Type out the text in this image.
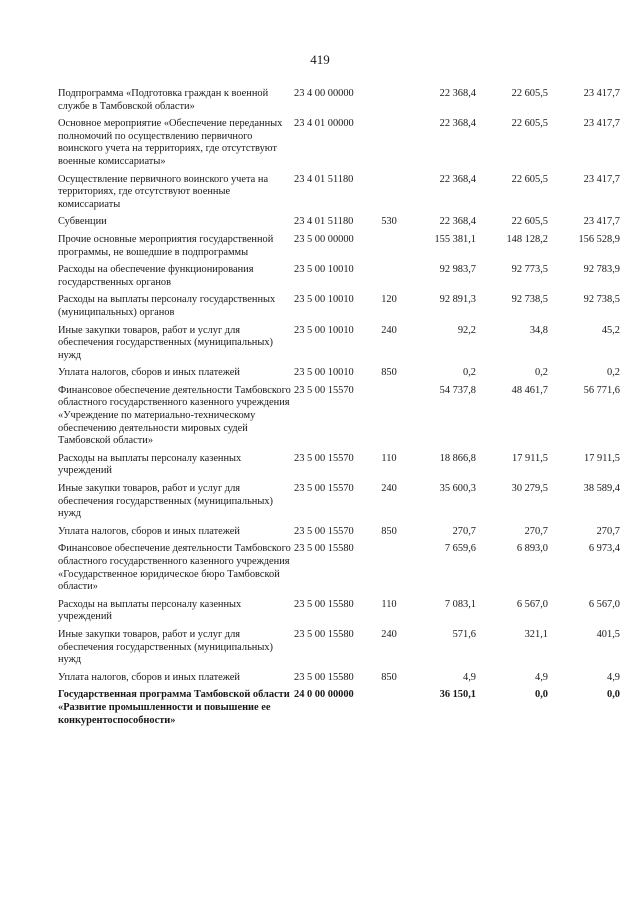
419
Подпрограмма «Подготовка граждан к военной службе в Тамбовской области»	23 4 00 00000		22 368,4	22 605,5	23 417,7
Основное мероприятие «Обеспечение переданных полномочий по осуществлению первичного воинского учета на территориях, где отсутствуют военные комиссариаты»	23 4 01 00000		22 368,4	22 605,5	23 417,7
Осуществление первичного воинского учета на территориях, где отсутствуют военные комиссариаты	23 4 01 51180		22 368,4	22 605,5	23 417,7
Субвенции	23 4 01 51180	530	22 368,4	22 605,5	23 417,7
Прочие основные мероприятия государственной программы, не вошедшие в подпрограммы	23 5 00 00000		155 381,1	148 128,2	156 528,9
Расходы на обеспечение функционирования государственных органов	23 5 00 10010		92 983,7	92 773,5	92 783,9
Расходы на выплаты персоналу государственных (муниципальных) органов	23 5 00 10010	120	92 891,3	92 738,5	92 738,5
Иные закупки товаров, работ и услуг для обеспечения государственных (муниципальных) нужд	23 5 00 10010	240	92,2	34,8	45,2
Уплата налогов, сборов и иных платежей	23 5 00 10010	850	0,2	0,2	0,2
Финансовое обеспечение деятельности Тамбовского областного государственного казенного учреждения «Учреждение по материально-техническому обеспечению деятельности мировых судей Тамбовской области»	23 5 00 15570		54 737,8	48 461,7	56 771,6
Расходы на выплаты персоналу казенных учреждений	23 5 00 15570	110	18 866,8	17 911,5	17 911,5
Иные закупки товаров, работ и услуг для обеспечения государственных (муниципальных) нужд	23 5 00 15570	240	35 600,3	30 279,5	38 589,4
Уплата налогов, сборов и иных платежей	23 5 00 15570	850	270,7	270,7	270,7
Финансовое обеспечение деятельности Тамбовского областного государственного казенного учреждения «Государственное юридическое бюро Тамбовской области»	23 5 00 15580		7 659,6	6 893,0	6 973,4
Расходы на выплаты персоналу казенных учреждений	23 5 00 15580	110	7 083,1	6 567,0	6 567,0
Иные закупки товаров, работ и услуг для обеспечения государственных (муниципальных) нужд	23 5 00 15580	240	571,6	321,1	401,5
Уплата налогов, сборов и иных платежей	23 5 00 15580	850	4,9	4,9	4,9
Государственная программа Тамбовской области «Развитие промышленности и повышение ее конкурентоспособности»	24 0 00 00000		36 150,1	0,0	0,0
